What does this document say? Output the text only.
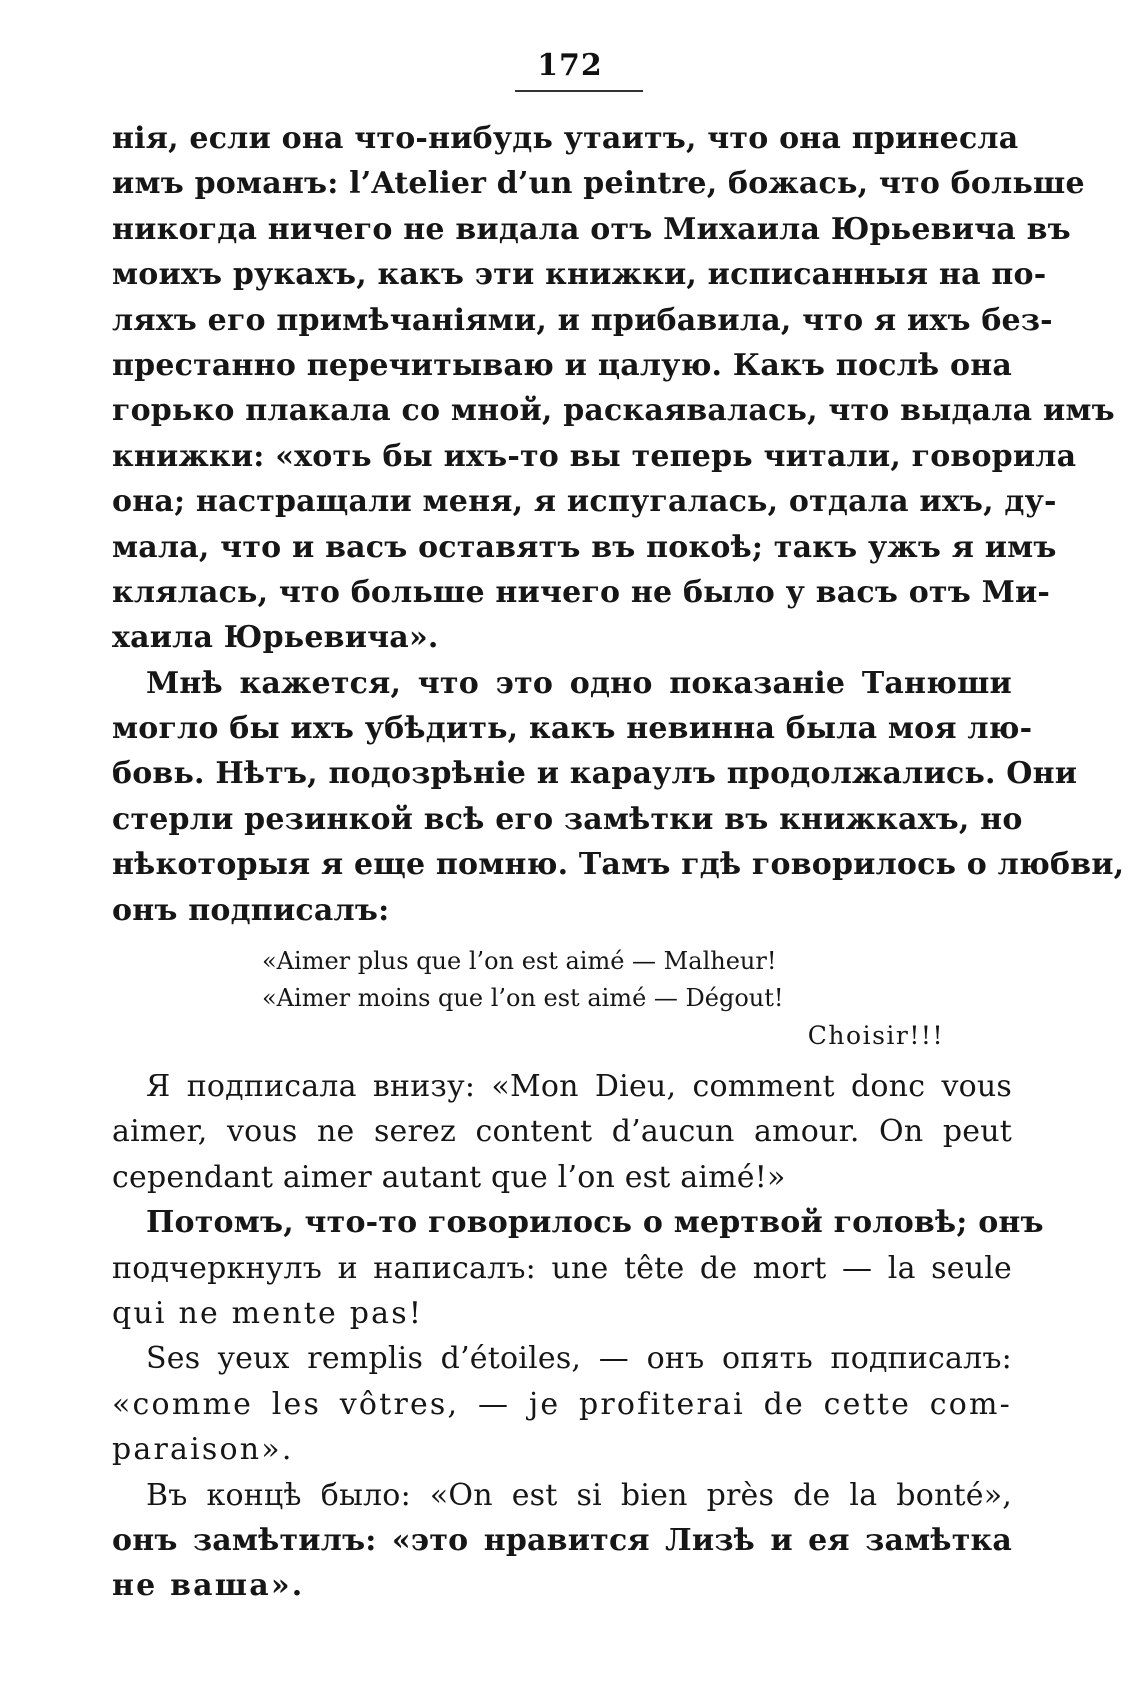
172
нія, если она что-нибудь утаитъ, что она принесла
имъ романъ: l’Atelier d’un peintre, божась, что больше
никогда ничего не видала отъ Михаила Юрьевича въ
моихъ рукахъ, какъ эти книжки, исписанныя на по-
ляхъ его примѣчаніями, и прибавила, что я ихъ без-
престанно перечитываю и цалую. Какъ послѣ она
горько плакала со мной, раскаявалась, что выдала имъ
книжки: «хоть бы ихъ-то вы теперь читали, говорила
она; настращали меня, я испугалась, отдала ихъ, ду-
мала, что и васъ оставятъ въ покоѣ; такъ ужъ я имъ
клялась, что больше ничего не было у васъ отъ Ми-
хаила Юрьевича».
Мнѣ кажется, что это одно показаніе Танюши
могло бы ихъ убѣдить, какъ невинна была моя лю-
бовь. Нѣтъ, подозрѣніе и караулъ продолжались. Они
стерли резинкой всѣ его замѣтки въ книжкахъ, но
нѣкоторыя я еще помню. Тамъ гдѣ говорилось о любви,
онъ подписалъ:
«Aimer plus que l’on est aimé — Malheur!
«Aimer moins que l’on est aimé — Dégout!
Choisir!!!
Я подписала внизу: «Mon Dieu, comment donc vous
aimer, vous ne serez content d’aucun amour. On peut
cependant aimer autant que l’on est aimé!»
Потомъ, что-то говорилось о мертвой головѣ; онъ
подчеркнулъ и написалъ: une tête de mort — la seule
qui ne mente pas!
Ses yeux remplis d’étoiles, — онъ опять подписалъ:
«comme les vôtres, — je profiterai de cette com-
paraison».
Въ концѣ было: «On est si bien près de la bonté»,
онъ замѣтилъ: «это нравится Лизѣ и ея замѣтка
не ваша».
